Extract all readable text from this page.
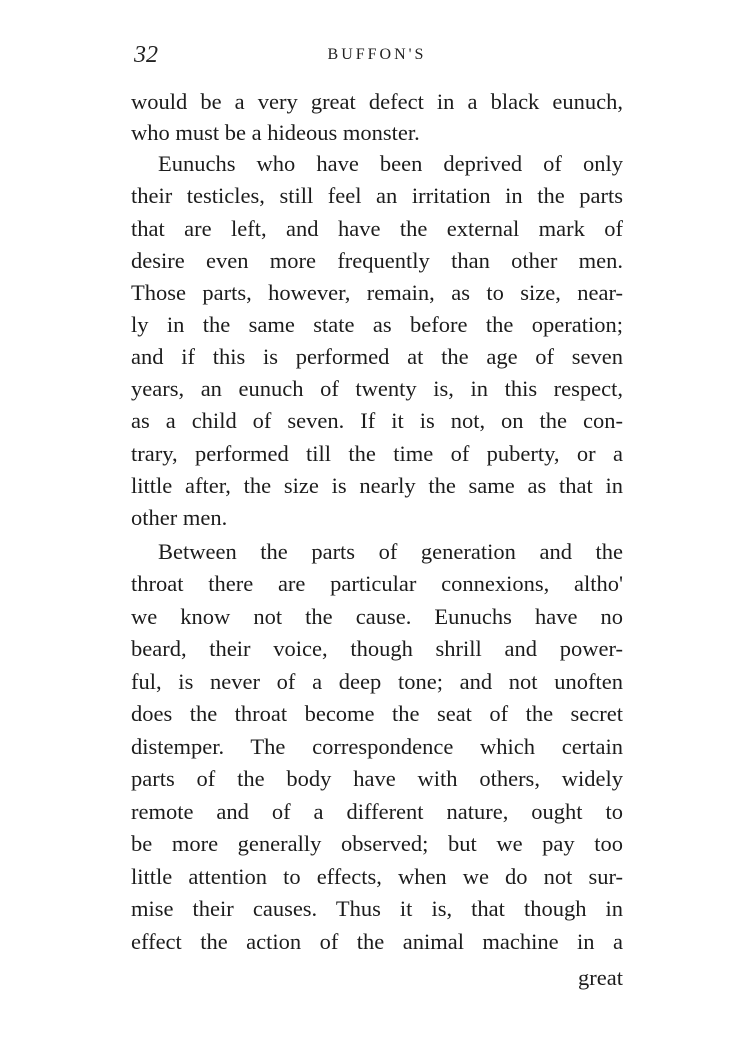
32	BUFFON'S
would be a very great defect in a black eunuch,
who must be a hideous monster.
Eunuchs who have been deprived of only
their testicles, still feel an irritation in the parts
that are left, and have the external mark of
desire even more frequently than other men.
Those parts, however, remain, as to size, near-
ly in the same state as before the operation;
and if this is performed at the age of seven
years, an eunuch of twenty is, in this respect,
as a child of seven. If it is not, on the con-
trary, performed till the time of puberty, or a
little after, the size is nearly the same as that in
other men.
Between the parts of generation and the
throat there are particular connexions, altho'
we know not the cause. Eunuchs have no
beard, their voice, though shrill and power-
ful, is never of a deep tone; and not unoften
does the throat become the seat of the secret
distemper. The correspondence which certain
parts of the body have with others, widely
remote and of a different nature, ought to
be more generally observed; but we pay too
little attention to effects, when we do not sur-
mise their causes. Thus it is, that though in
effect the action of the animal machine in a
great
